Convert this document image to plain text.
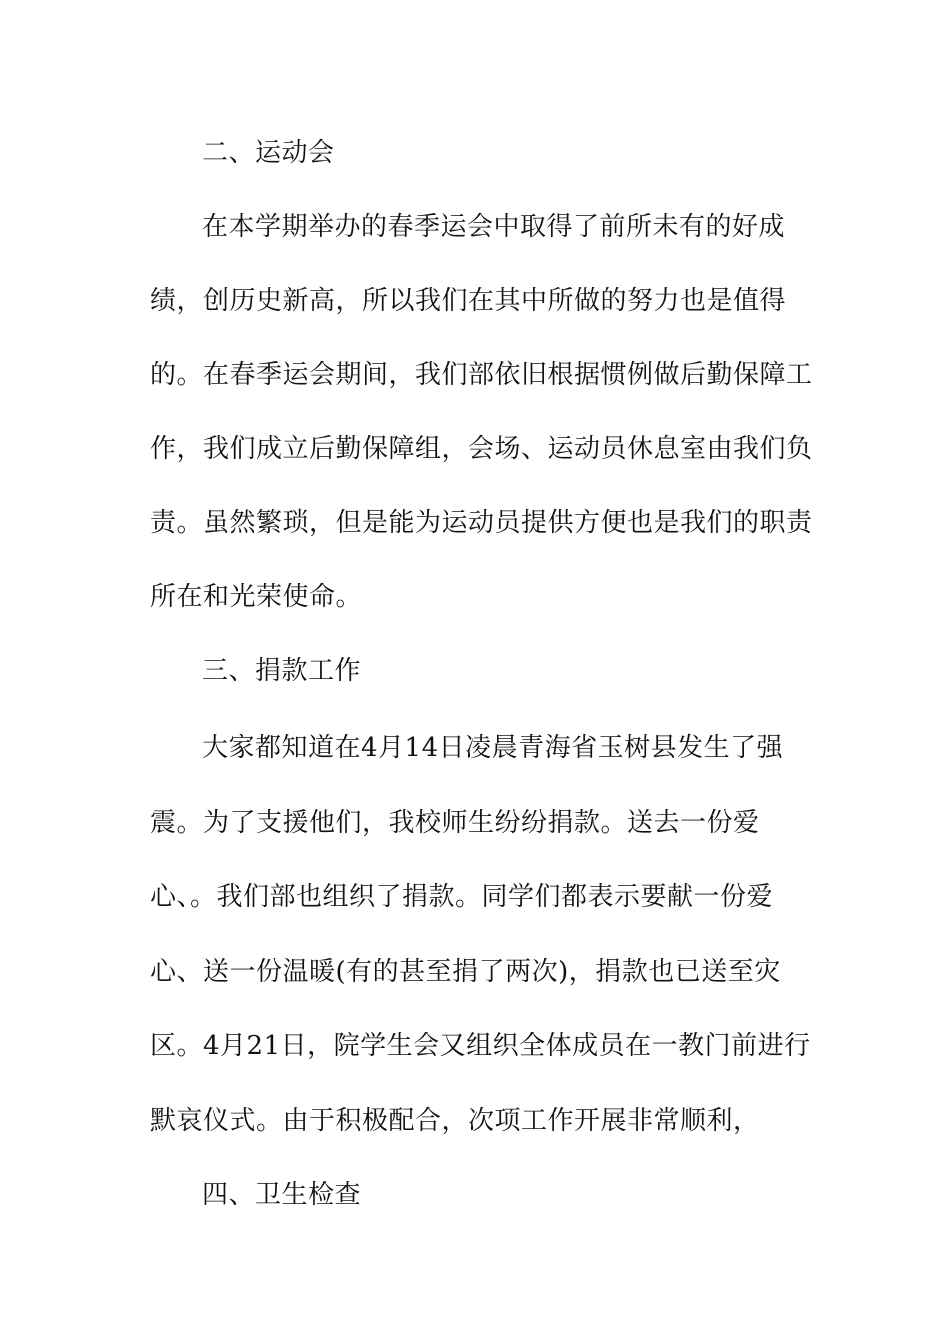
二、运动会
在本学期举办的春季运会中取得了前所未有的好成
绩，创历史新高，所以我们在其中所做的努力也是值得
的。在春季运会期间，我们部依旧根据惯例做后勤保障工
作，我们成立后勤保障组，会场、运动员休息室由我们负
责。虽然繁琐，但是能为运动员提供方便也是我们的职责
所在和光荣使命。
三、捐款工作
大家都知道在4月14日凌晨青海省玉树县发生了强
震。为了支援他们，我校师生纷纷捐款。送去一份爱
心、。我们部也组织了捐款。同学们都表示要献一份爱
心、送一份温暖(有的甚至捐了两次)，捐款也已送至灾
区。4月21日，院学生会又组织全体成员在一教门前进行
默哀仪式。由于积极配合，次项工作开展非常顺利，
四、卫生检查
